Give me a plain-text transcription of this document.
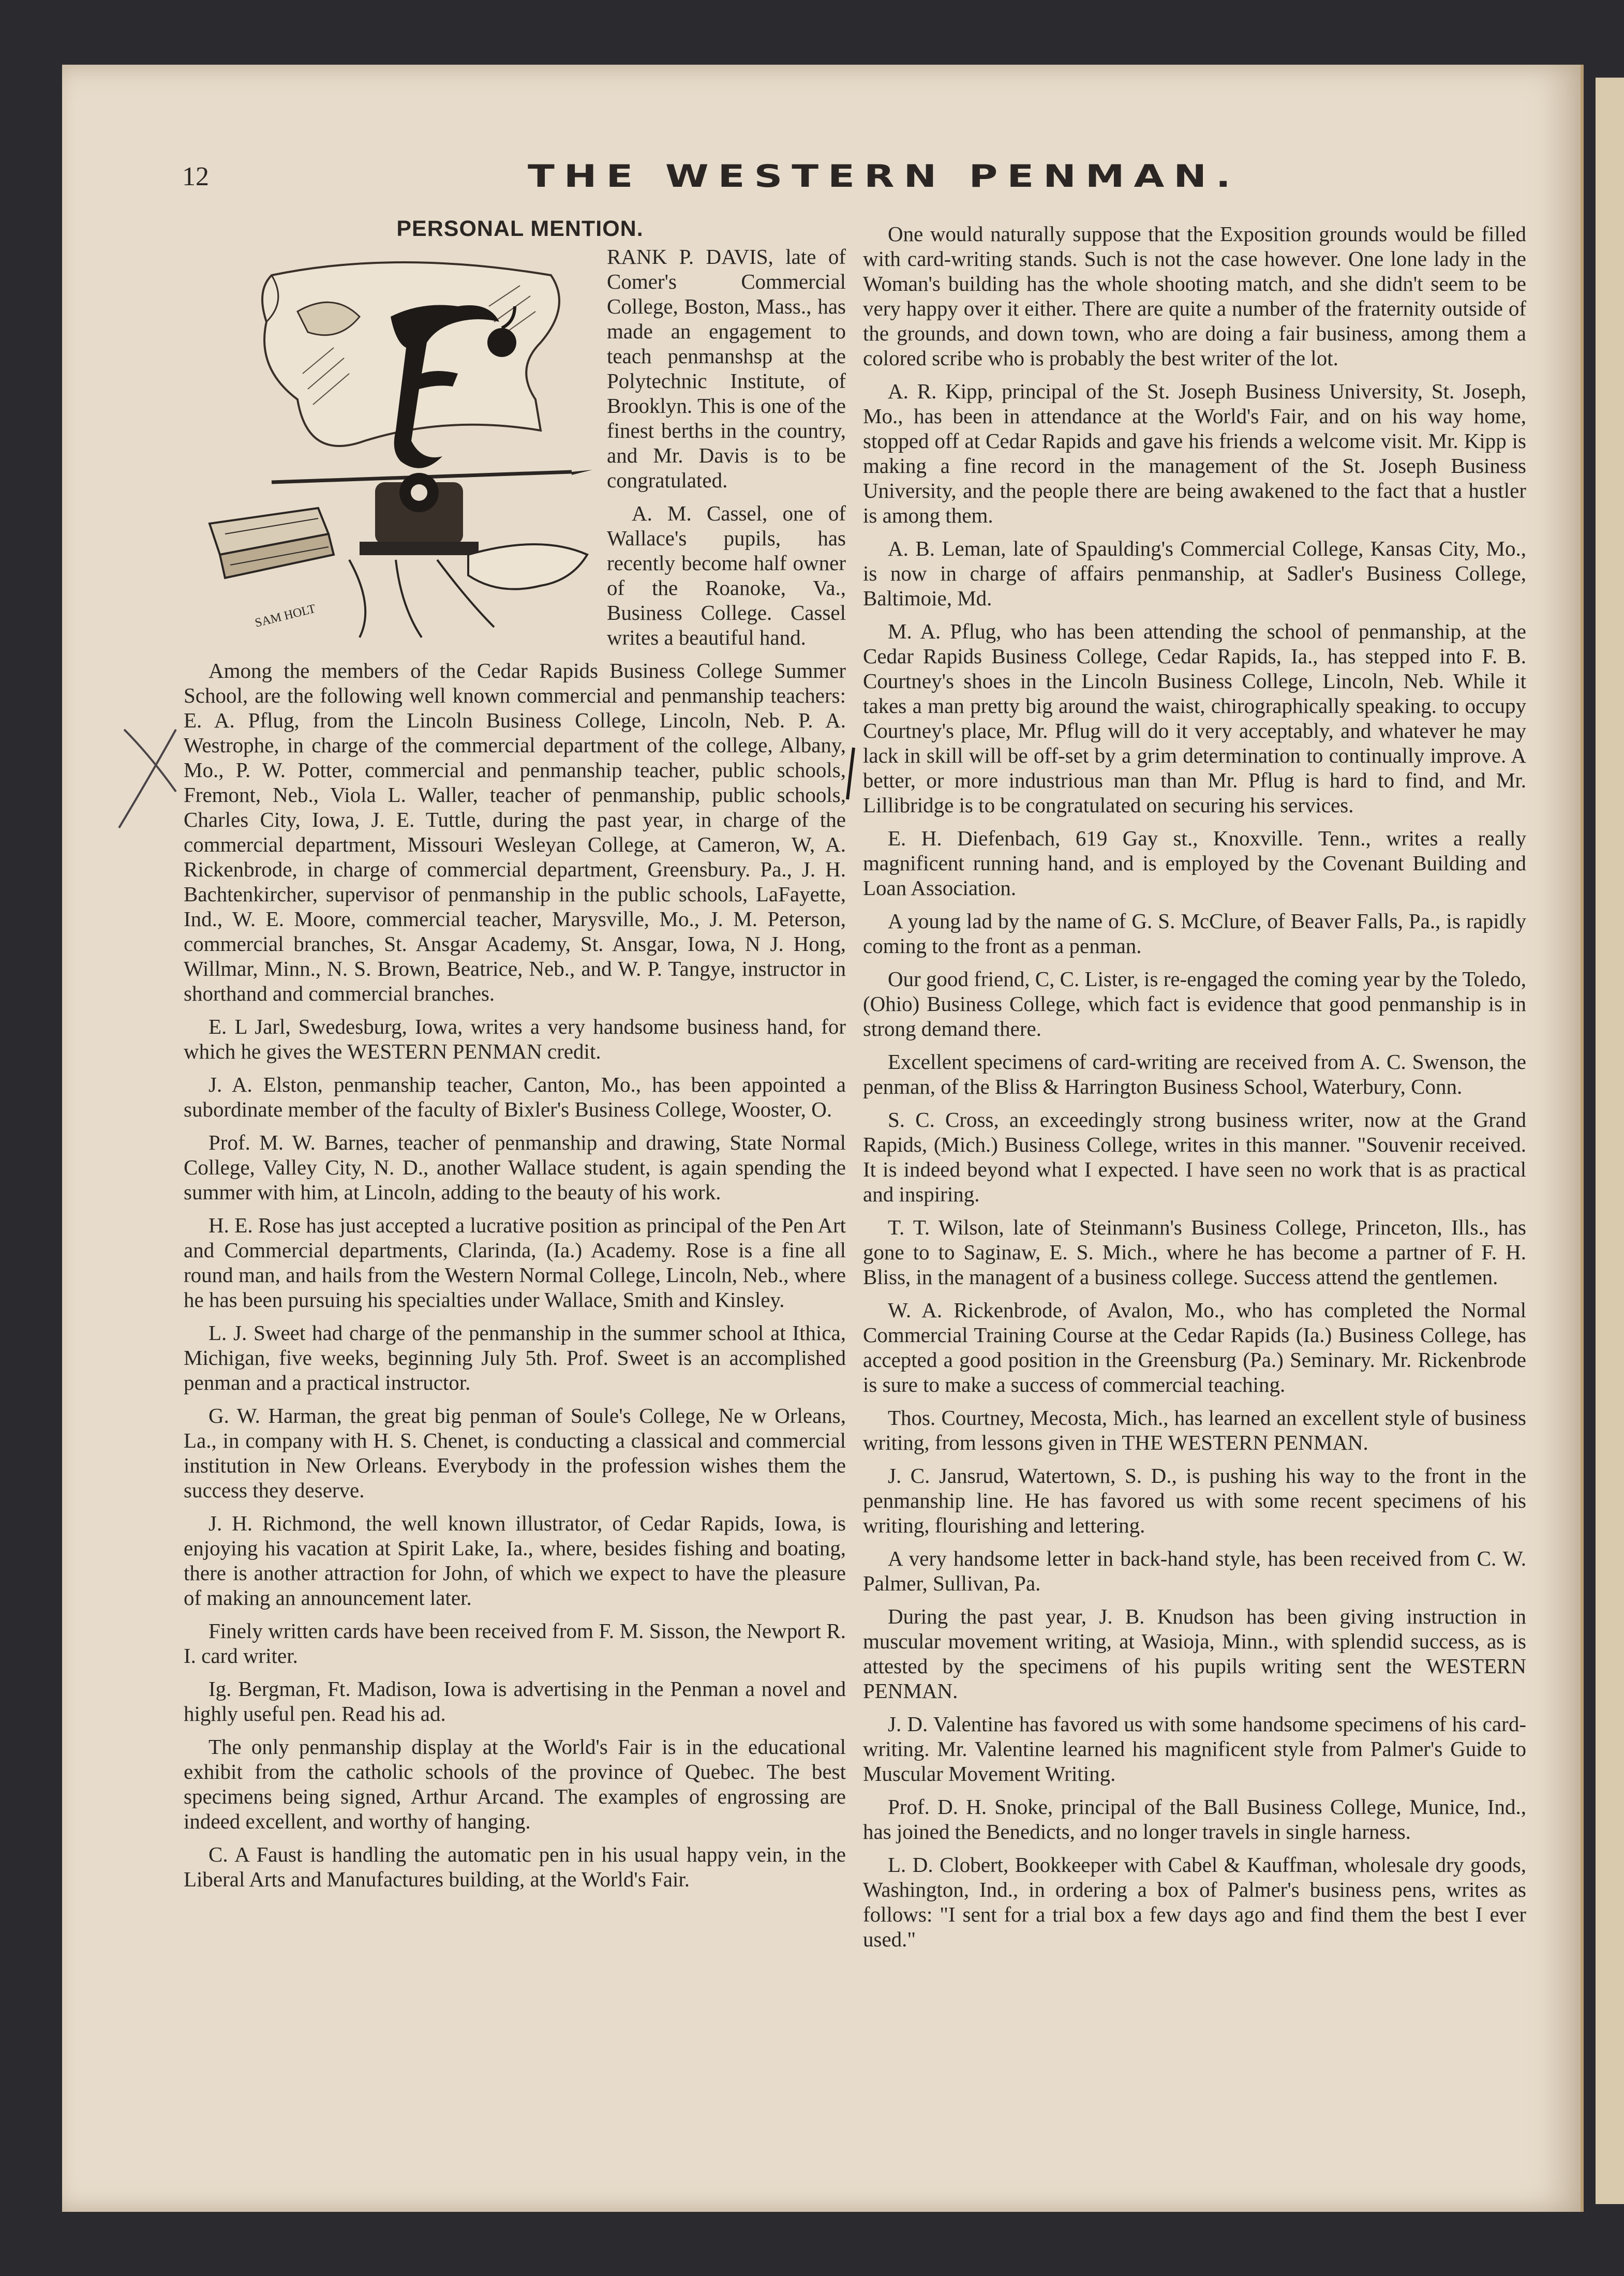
12	THE WESTERN PENMAN.
PERSONAL MENTION.
SAM HOLT

RANK P. DAVIS, late of Comer's Commercial College, Boston, Mass., has made an engagement to teach penmanshsp at the Polytechnic Institute, of Brooklyn. This is one of the finest berths in the country, and Mr. Davis is to be congratulated.

A. M. Cassel, one of Wallace's pupils, has recently become half owner of the Roanoke, Va., Business College. Cassel writes a beautiful hand.

Among the members of the Cedar Rapids Business College Summer School, are the following well known commercial and penmanship teachers: E. A. Pflug, from the Lincoln Business College, Lincoln, Neb. P. A. Westrophe, in charge of the commercial department of the college, Albany, Mo., P. W. Potter, commercial and penmanship teacher, public schools, Fremont, Neb., Viola L. Waller, teacher of penmanship, public schools, Charles City, Iowa, J. E. Tuttle, during the past year, in charge of the commercial department, Missouri Wesleyan College, at Cameron, W, A. Rickenbrode, in charge of commercial department, Greensbury. Pa., J. H. Bachtenkircher, supervisor of penmanship in the public schools, LaFayette, Ind., W. E. Moore, commercial teacher, Marysville, Mo., J. M. Peterson, commercial branches, St. Ansgar Academy, St. Ansgar, Iowa, N J. Hong, Willmar, Minn., N. S. Brown, Beatrice, Neb., and W. P. Tangye, instructor in shorthand and commercial branches.

E. L Jarl, Swedesburg, Iowa, writes a very handsome business hand, for which he gives the WESTERN PENMAN credit.

J. A. Elston, penmanship teacher, Canton, Mo., has been appointed a subordinate member of the faculty of Bixler's Business College, Wooster, O.

Prof. M. W. Barnes, teacher of penmanship and drawing, State Normal College, Valley City, N. D., another Wallace student, is again spending the summer with him, at Lincoln, adding to the beauty of his work.

H. E. Rose has just accepted a lucrative position as principal of the Pen Art and Commercial departments, Clarinda, (Ia.) Academy. Rose is a fine all round man, and hails from the Western Normal College, Lincoln, Neb., where he has been pursuing his specialties under Wallace, Smith and Kinsley.

L. J. Sweet had charge of the penmanship in the summer school at Ithica, Michigan, five weeks, beginning July 5th. Prof. Sweet is an accomplished penman and a practical instructor.

G. W. Harman, the great big penman of Soule's College, Ne w Orleans, La., in company with H. S. Chenet, is conducting a classical and commercial institution in New Orleans. Everybody in the profession wishes them the success they deserve.

J. H. Richmond, the well known illustrator, of Cedar Rapids, Iowa, is enjoying his vacation at Spirit Lake, Ia., where, besides fishing and boating, there is another attraction for John, of which we expect to have the pleasure of making an announcement later.

Finely written cards have been received from F. M. Sisson, the Newport R. I. card writer.

Ig. Bergman, Ft. Madison, Iowa is advertising in the Penman a novel and highly useful pen. Read his ad.

The only penmanship display at the World's Fair is in the educational exhibit from the catholic schools of the province of Quebec. The best specimens being signed, Arthur Arcand. The examples of engrossing are indeed excellent, and worthy of hanging.

C. A Faust is handling the automatic pen in his usual happy vein, in the Liberal Arts and Manufactures building, at the World's Fair.

One would naturally suppose that the Exposition grounds would be filled with card-writing stands. Such is not the case however. One lone lady in the Woman's building has the whole shooting match, and she didn't seem to be very happy over it either. There are quite a number of the fraternity outside of the grounds, and down town, who are doing a fair business, among them a colored scribe who is probably the best writer of the lot.

A. R. Kipp, principal of the St. Joseph Business University, St. Joseph, Mo., has been in attendance at the World's Fair, and on his way home, stopped off at Cedar Rapids and gave his friends a welcome visit. Mr. Kipp is making a fine record in the management of the St. Joseph Business University, and the people there are being awakened to the fact that a hustler is among them.

A. B. Leman, late of Spaulding's Commercial College, Kansas City, Mo., is now in charge of affairs penmanship, at Sadler's Business College, Baltimoie, Md.

M. A. Pflug, who has been attending the school of penmanship, at the Cedar Rapids Business College, Cedar Rapids, Ia., has stepped into F. B. Courtney's shoes in the Lincoln Business College, Lincoln, Neb. While it takes a man pretty big around the waist, chirographically speaking. to occupy Courtney's place, Mr. Pflug will do it very acceptably, and whatever he may lack in skill will be off-set by a grim determination to continually improve. A better, or more industrious man than Mr. Pflug is hard to find, and Mr. Lillibridge is to be congratulated on securing his services.

E. H. Diefenbach, 619 Gay st., Knoxville. Tenn., writes a really magnificent running hand, and is employed by the Covenant Building and Loan Association.

A young lad by the name of G. S. McClure, of Beaver Falls, Pa., is rapidly coming to the front as a penman.

Our good friend, C, C. Lister, is re-engaged the coming year by the Toledo, (Ohio) Business College, which fact is evidence that good penmanship is in strong demand there.

Excellent specimens of card-writing are received from A. C. Swenson, the penman, of the Bliss & Harrington Business School, Waterbury, Conn.

S. C. Cross, an exceedingly strong business writer, now at the Grand Rapids, (Mich.) Business College, writes in this manner. "Souvenir received. It is indeed beyond what I expected. I have seen no work that is as practical and inspiring.

T. T. Wilson, late of Steinmann's Business College, Princeton, Ills., has gone to to Saginaw, E. S. Mich., where he has become a partner of F. H. Bliss, in the managent of a business college. Success attend the gentlemen.

W. A. Rickenbrode, of Avalon, Mo., who has completed the Normal Commercial Training Course at the Cedar Rapids (Ia.) Business College, has accepted a good position in the Greensburg (Pa.) Seminary. Mr. Rickenbrode is sure to make a success of commercial teaching.

Thos. Courtney, Mecosta, Mich., has learned an excellent style of business writing, from lessons given in THE WESTERN PENMAN.

J. C. Jansrud, Watertown, S. D., is pushing his way to the front in the penmanship line. He has favored us with some recent specimens of his writing, flourishing and lettering.

A very handsome letter in back-hand style, has been received from C. W. Palmer, Sullivan, Pa.

During the past year, J. B. Knudson has been giving instruction in muscular movement writing, at Wasioja, Minn., with splendid success, as is attested by the specimens of his pupils writing sent the WESTERN PENMAN.

J. D. Valentine has favored us with some handsome specimens of his card-writing. Mr. Valentine learned his magnificent style from Palmer's Guide to Muscular Movement Writing.

Prof. D. H. Snoke, principal of the Ball Business College, Munice, Ind., has joined the Benedicts, and no longer travels in single harness.

L. D. Clobert, Bookkeeper with Cabel & Kauffman, wholesale dry goods, Washington, Ind., in ordering a box of Palmer's business pens, writes as follows: "I sent for a trial box a few days ago and find them the best I ever used."
